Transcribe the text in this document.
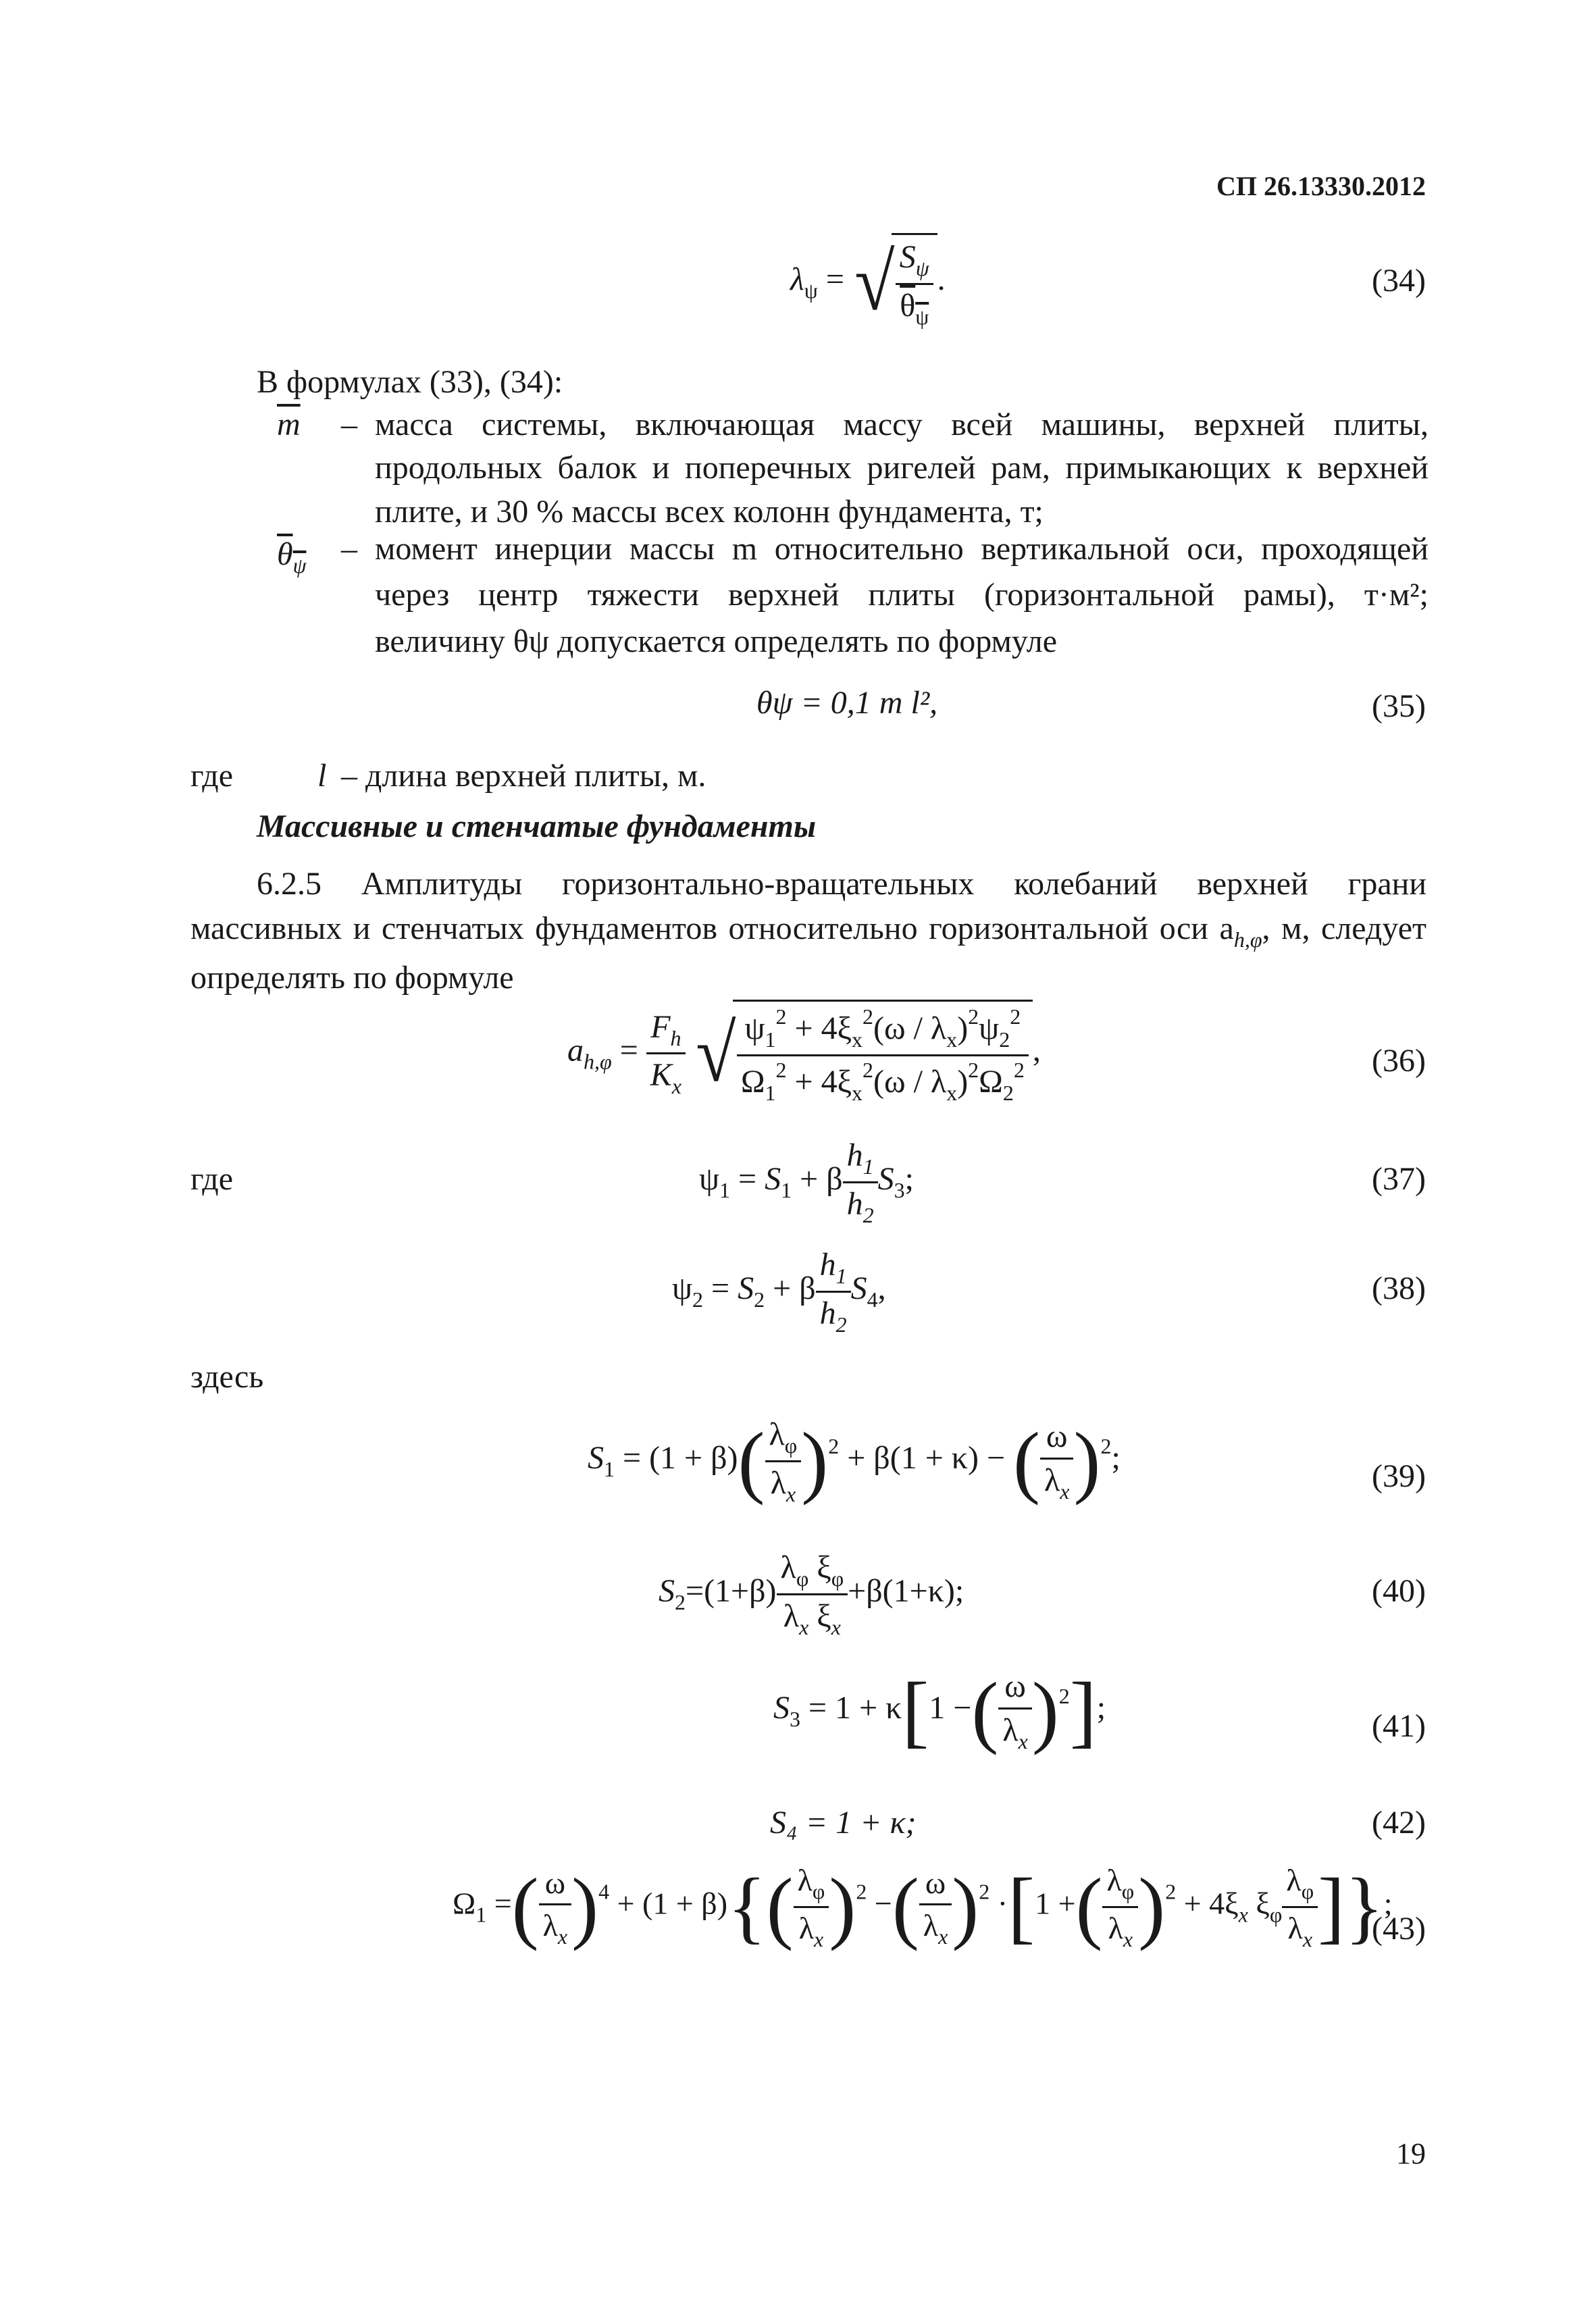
СП 26.13330.2012
$\lambda_\psi$ = √ $\frac{S_\psi}{\theta_\psi}$ .	(34)
В формулах (33), (34):
$\overline{m}$ – масса системы, включающая массу всей машины, верхней плиты,
продольных балок и поперечных ригелей рам, примыкающих к верхней
плите, и 30 % массы всех колонн фундамента, т;
$\theta_\psi$ – момент инерции массы m относительно вертикальной оси, проходящей
через центр тяжести верхней плиты (горизонтальной рамы), т·м²;
величину θψ допускается определять по формуле
θψ = 0,1 m l²,	(35)
где	l – длина верхней плиты, м.
Массивные и стенчатые фундаменты
6.2.5 Амплитуды горизонтально-вращательных колебаний верхней грани
массивных и стенчатых фундаментов относительно горизонтальной оси $a_{h,\varphi}$, м, следует
определять по формуле
$a_{h,\varphi} = \frac{F_h}{K_x}$ √ $\frac{\psi_1^2 + 4\xi_x^2(\omega / \lambda_x)^2\psi_2^2}{\Omega_1^2 + 4\xi_x^2(\omega / \lambda_x)^2\Omega_2^2}$ ,	(36)
где	$\psi_1 = S_1 + \beta \frac{h_1}{h_2} S_3$;	(37)
$\psi_2 = S_2 + \beta \frac{h_1}{h_2} S_4$,	(38)
здесь
$S_1 = (1 + \beta)( \frac{\lambda_\varphi}{\lambda_x} )^2 + \beta(1 + \kappa)$ − ( $\frac{\omega}{\lambda_x} )^2$;
(39)
$S_2=(1+\beta) \frac{\lambda_\varphi \xi_\varphi}{\lambda_x \xi_x} +\beta(1+\kappa)$;	(40)
$S_3 = 1 + \kappa[1$ −( $\frac{\omega}{\lambda_x} )^2$];
(41)
S₄ = 1 + κ;	(42)
$\Omega_1$ =( $\frac{\omega}{\lambda_x} )^4 + (1 + \beta)\{( \frac{\lambda_\varphi}{\lambda_x} )^2$ −( $\frac{\omega}{\lambda_x} )^2 \cdot[1$ +( $\frac{\lambda_\varphi}{\lambda_x} )^2 + 4\xi_x$ $\xi_\varphi \frac{\lambda_\varphi}{\lambda_x}$ ]};
(43)
19
